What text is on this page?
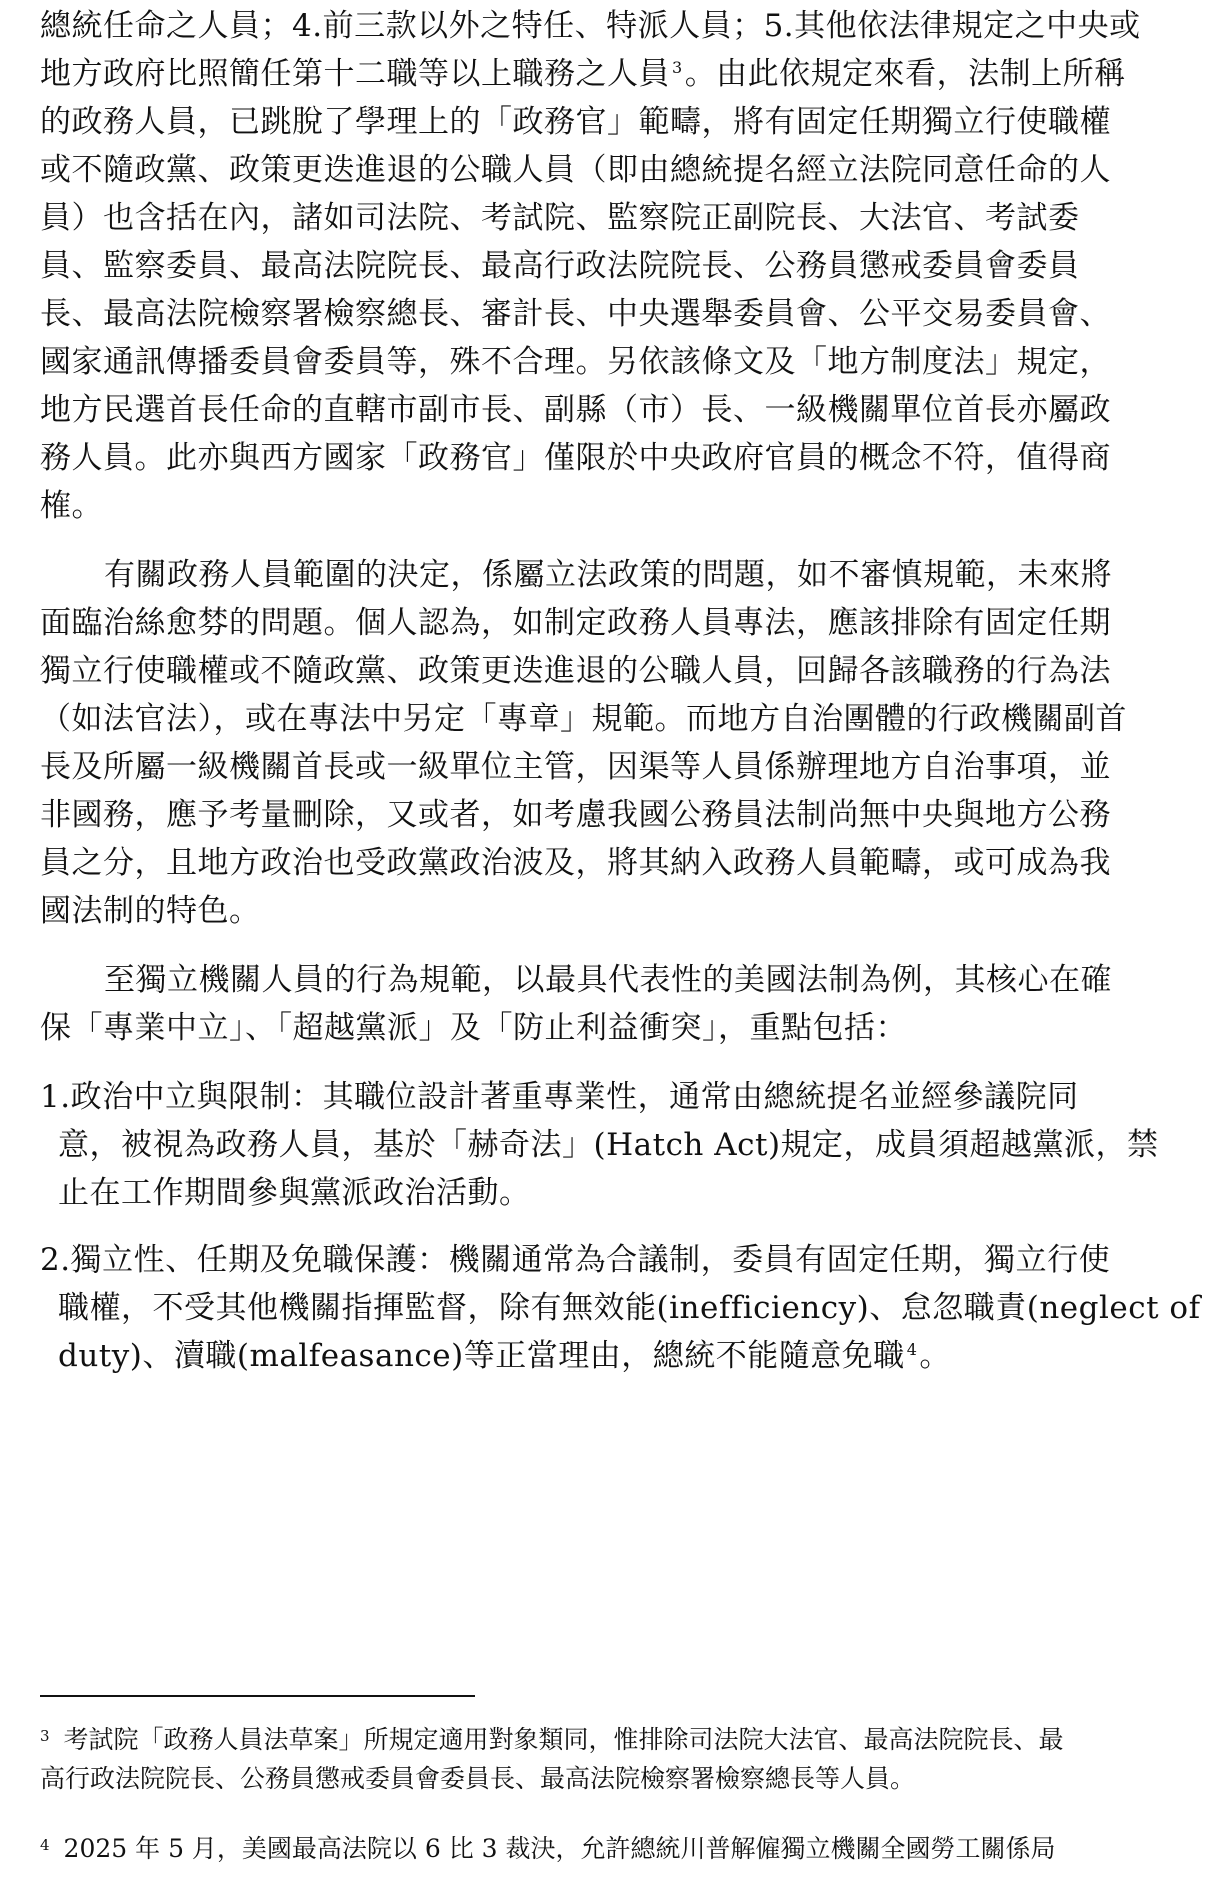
總統任命之人員；4.前三款以外之特任、特派人員；5.其他依法律規定之中央或
地方政府比照簡任第十二職等以上職務之人員 $^3$。由此依規定來看，法制上所稱
的政務人員，已跳脫了學理上的「政務官」範疇，將有固定任期獨立行使職權
或不隨政黨、政策更迭進退的公職人員（即由總統提名經立法院同意任命的人
員）也含括在內，諸如司法院、考試院、監察院正副院長、大法官、考試委
員、監察委員、最高法院院長、最高行政法院院長、公務員懲戒委員會委員
長、最高法院檢察署檢察總長、審計長、中央選舉委員會、公平交易委員會、
國家通訊傳播委員會委員等，殊不合理。另依該條文及「地方制度法」規定，
地方民選首長任命的直轄市副市長、副縣（市）長、一級機關單位首長亦屬政
務人員。此亦與西方國家「政務官」僅限於中央政府官員的概念不符，值得商
榷。
有關政務人員範圍的決定，係屬立法政策的問題，如不審慎規範，未來將
面臨治絲愈棼的問題。個人認為，如制定政務人員專法，應該排除有固定任期
獨立行使職權或不隨政黨、政策更迭進退的公職人員，回歸各該職務的行為法
（如法官法），或在專法中另定「專章」規範。而地方自治團體的行政機關副首
長及所屬一級機關首長或一級單位主管，因渠等人員係辦理地方自治事項，並
非國務，應予考量刪除，又或者，如考慮我國公務員法制尚無中央與地方公務
員之分，且地方政治也受政黨政治波及，將其納入政務人員範疇，或可成為我
國法制的特色。
至獨立機關人員的行為規範，以最具代表性的美國法制為例，其核心在確
保「專業中立」、「超越黨派」及「防止利益衝突」，重點包括：
1.政治中立與限制：其職位設計著重專業性，通常由總統提名並經參議院同
意，被視為政務人員，基於「赫奇法」(Hatch Act)規定，成員須超越黨派，禁
止在工作期間參與黨派政治活動。
2.獨立性、任期及免職保護：機關通常為合議制，委員有固定任期，獨立行使
職權，不受其他機關指揮監督，除有無效能(inefficiency)、怠忽職責(neglect of
duty)、瀆職(malfeasance)等正當理由，總統不能隨意免職 $^4$。
$^3$ 考試院「政務人員法草案」所規定適用對象類同，惟排除司法院大法官、最高法院院長、最
高行政法院院長、公務員懲戒委員會委員長、最高法院檢察署檢察總長等人員。
$^4$ 2025 年 5 月，美國最高法院以 6 比 3 裁決，允許總統川普解僱獨立機關全國勞工關係局
